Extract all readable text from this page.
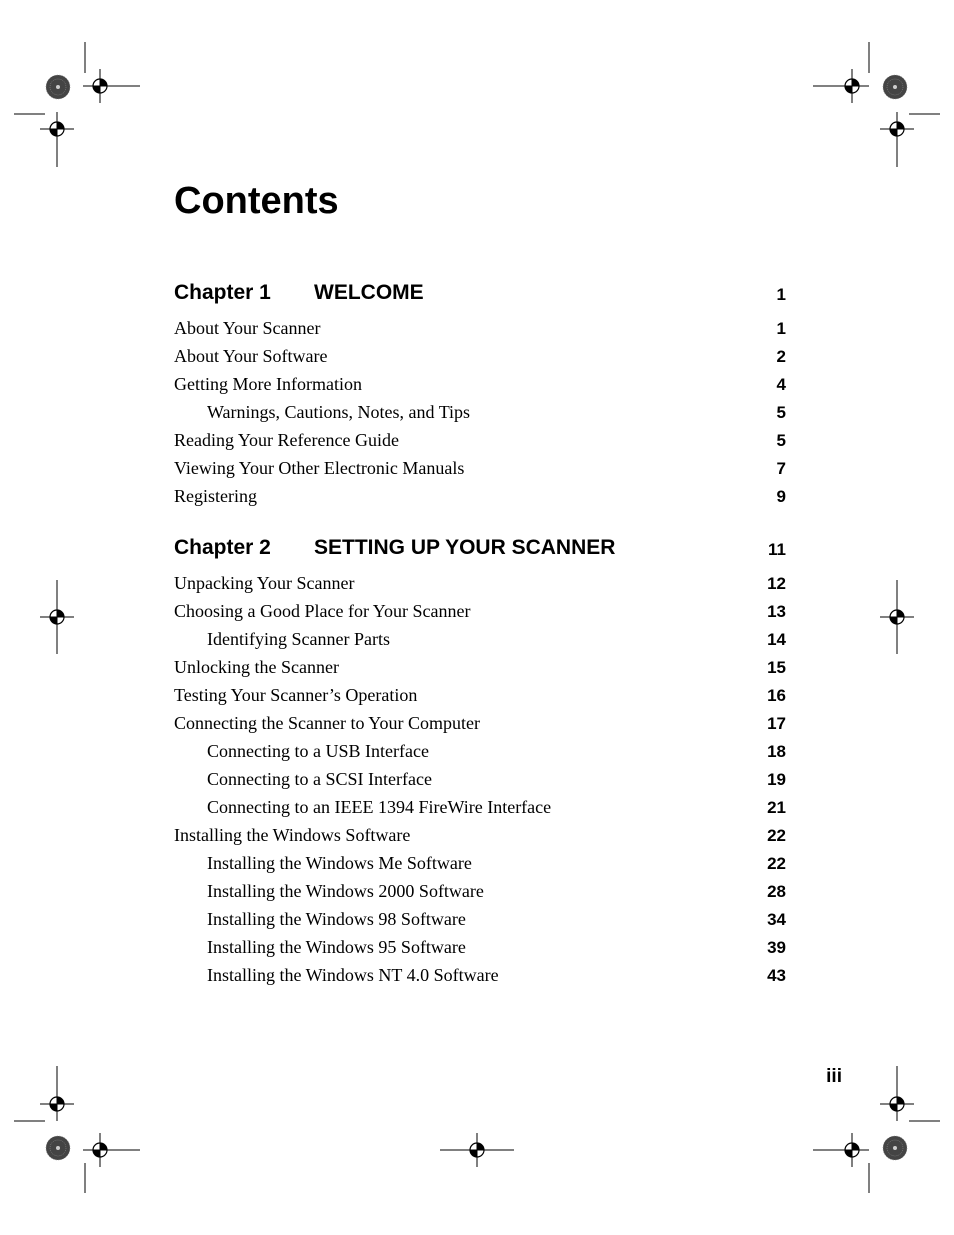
Contents
Chapter 1 WELCOME	1
About Your Scanner	1
About Your Software	2
Getting More Information	4
Warnings, Cautions, Notes, and Tips	5
Reading Your Reference Guide	5
Viewing Your Other Electronic Manuals	7
Registering	9
Chapter 2 SETTING UP YOUR SCANNER	11
Unpacking Your Scanner	12
Choosing a Good Place for Your Scanner	13
Identifying Scanner Parts	14
Unlocking the Scanner	15
Testing Your Scanner’s Operation	16
Connecting the Scanner to Your Computer	17
Connecting to a USB Interface	18
Connecting to a SCSI Interface	19
Connecting to an IEEE 1394 FireWire Interface	21
Installing the Windows Software	22
Installing the Windows Me Software	22
Installing the Windows 2000 Software	28
Installing the Windows 98 Software	34
Installing the Windows 95 Software	39
Installing the Windows NT 4.0 Software	43
iii
